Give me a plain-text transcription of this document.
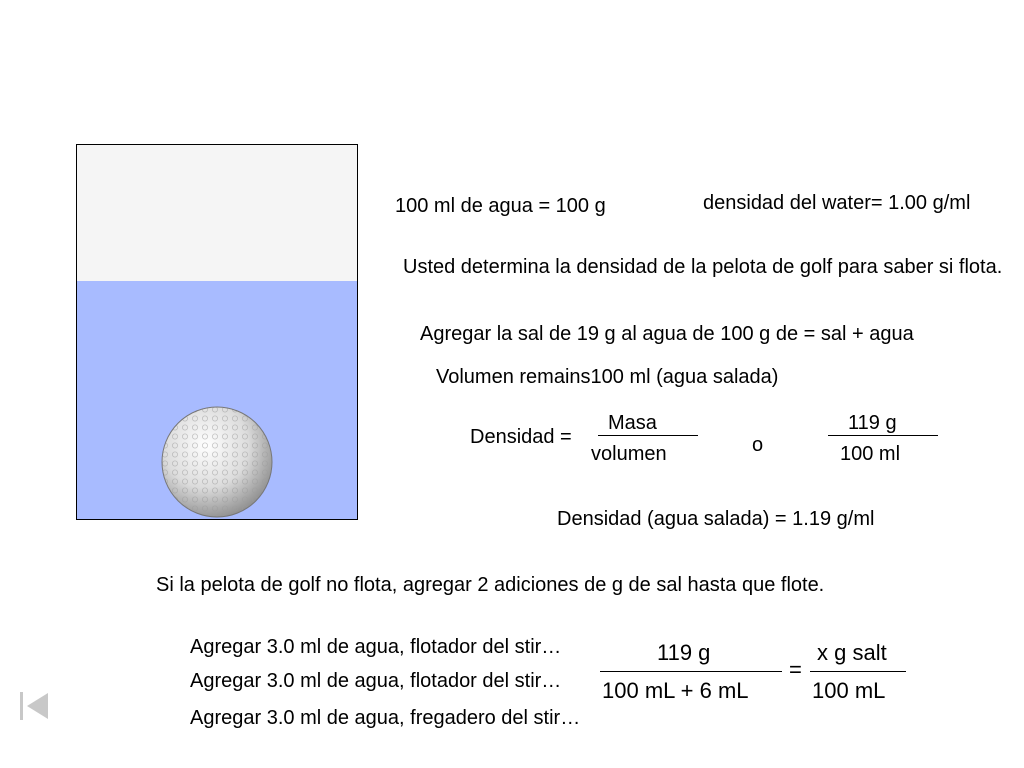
100 ml de agua = 100 g	densidad del water= 1.00 g/ml
Usted determina la densidad de la pelota de golf para saber si flota.
Agregar la sal de 19 g al agua de 100 g de = sal + agua
Volumen remains100 ml (agua salada)
Densidad =
Masa
volumen	o
119 g
100 ml
Densidad (agua salada) = 1.19 g/ml
Si la pelota de golf no flota, agregar 2 adiciones de g de sal hasta que flote.
Agregar 3.0 ml de agua, flotador del stir…
Agregar 3.0 ml de agua, flotador del stir…
Agregar 3.0 ml de agua, fregadero del stir…
119 g
100 mL + 6 mL
=
x g salt
100 mL
